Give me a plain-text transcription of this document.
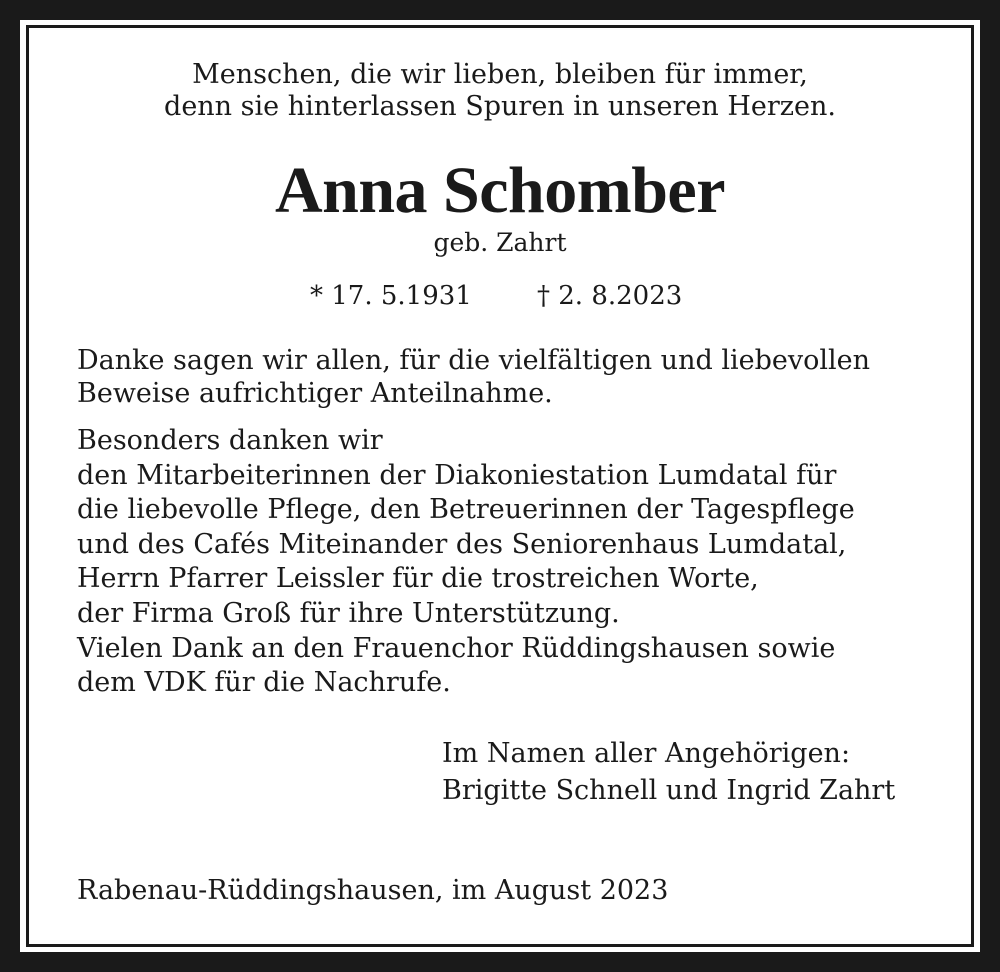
Menschen, die wir lieben, bleiben für immer,
denn sie hinterlassen Spuren in unseren Herzen.

Anna Schomber

geb. Zahrt

* 17. 5.1931	† 2. 8.2023

Danke sagen wir allen, für die vielfältigen und liebevollen
Beweise aufrichtiger Anteilnahme.

Besonders danken wir
den Mitarbeiterinnen der Diakoniestation Lumdatal für
die liebevolle Pflege, den Betreuerinnen der Tagespflege
und des Cafés Miteinander des Seniorenhaus Lumdatal,
Herrn Pfarrer Leissler für die trostreichen Worte,
der Firma Groß für ihre Unterstützung.
Vielen Dank an den Frauenchor Rüddingshausen sowie
dem VDK für die Nachrufe.

Im Namen aller Angehörigen:
Brigitte Schnell und Ingrid Zahrt

Rabenau-Rüddingshausen, im August 2023
